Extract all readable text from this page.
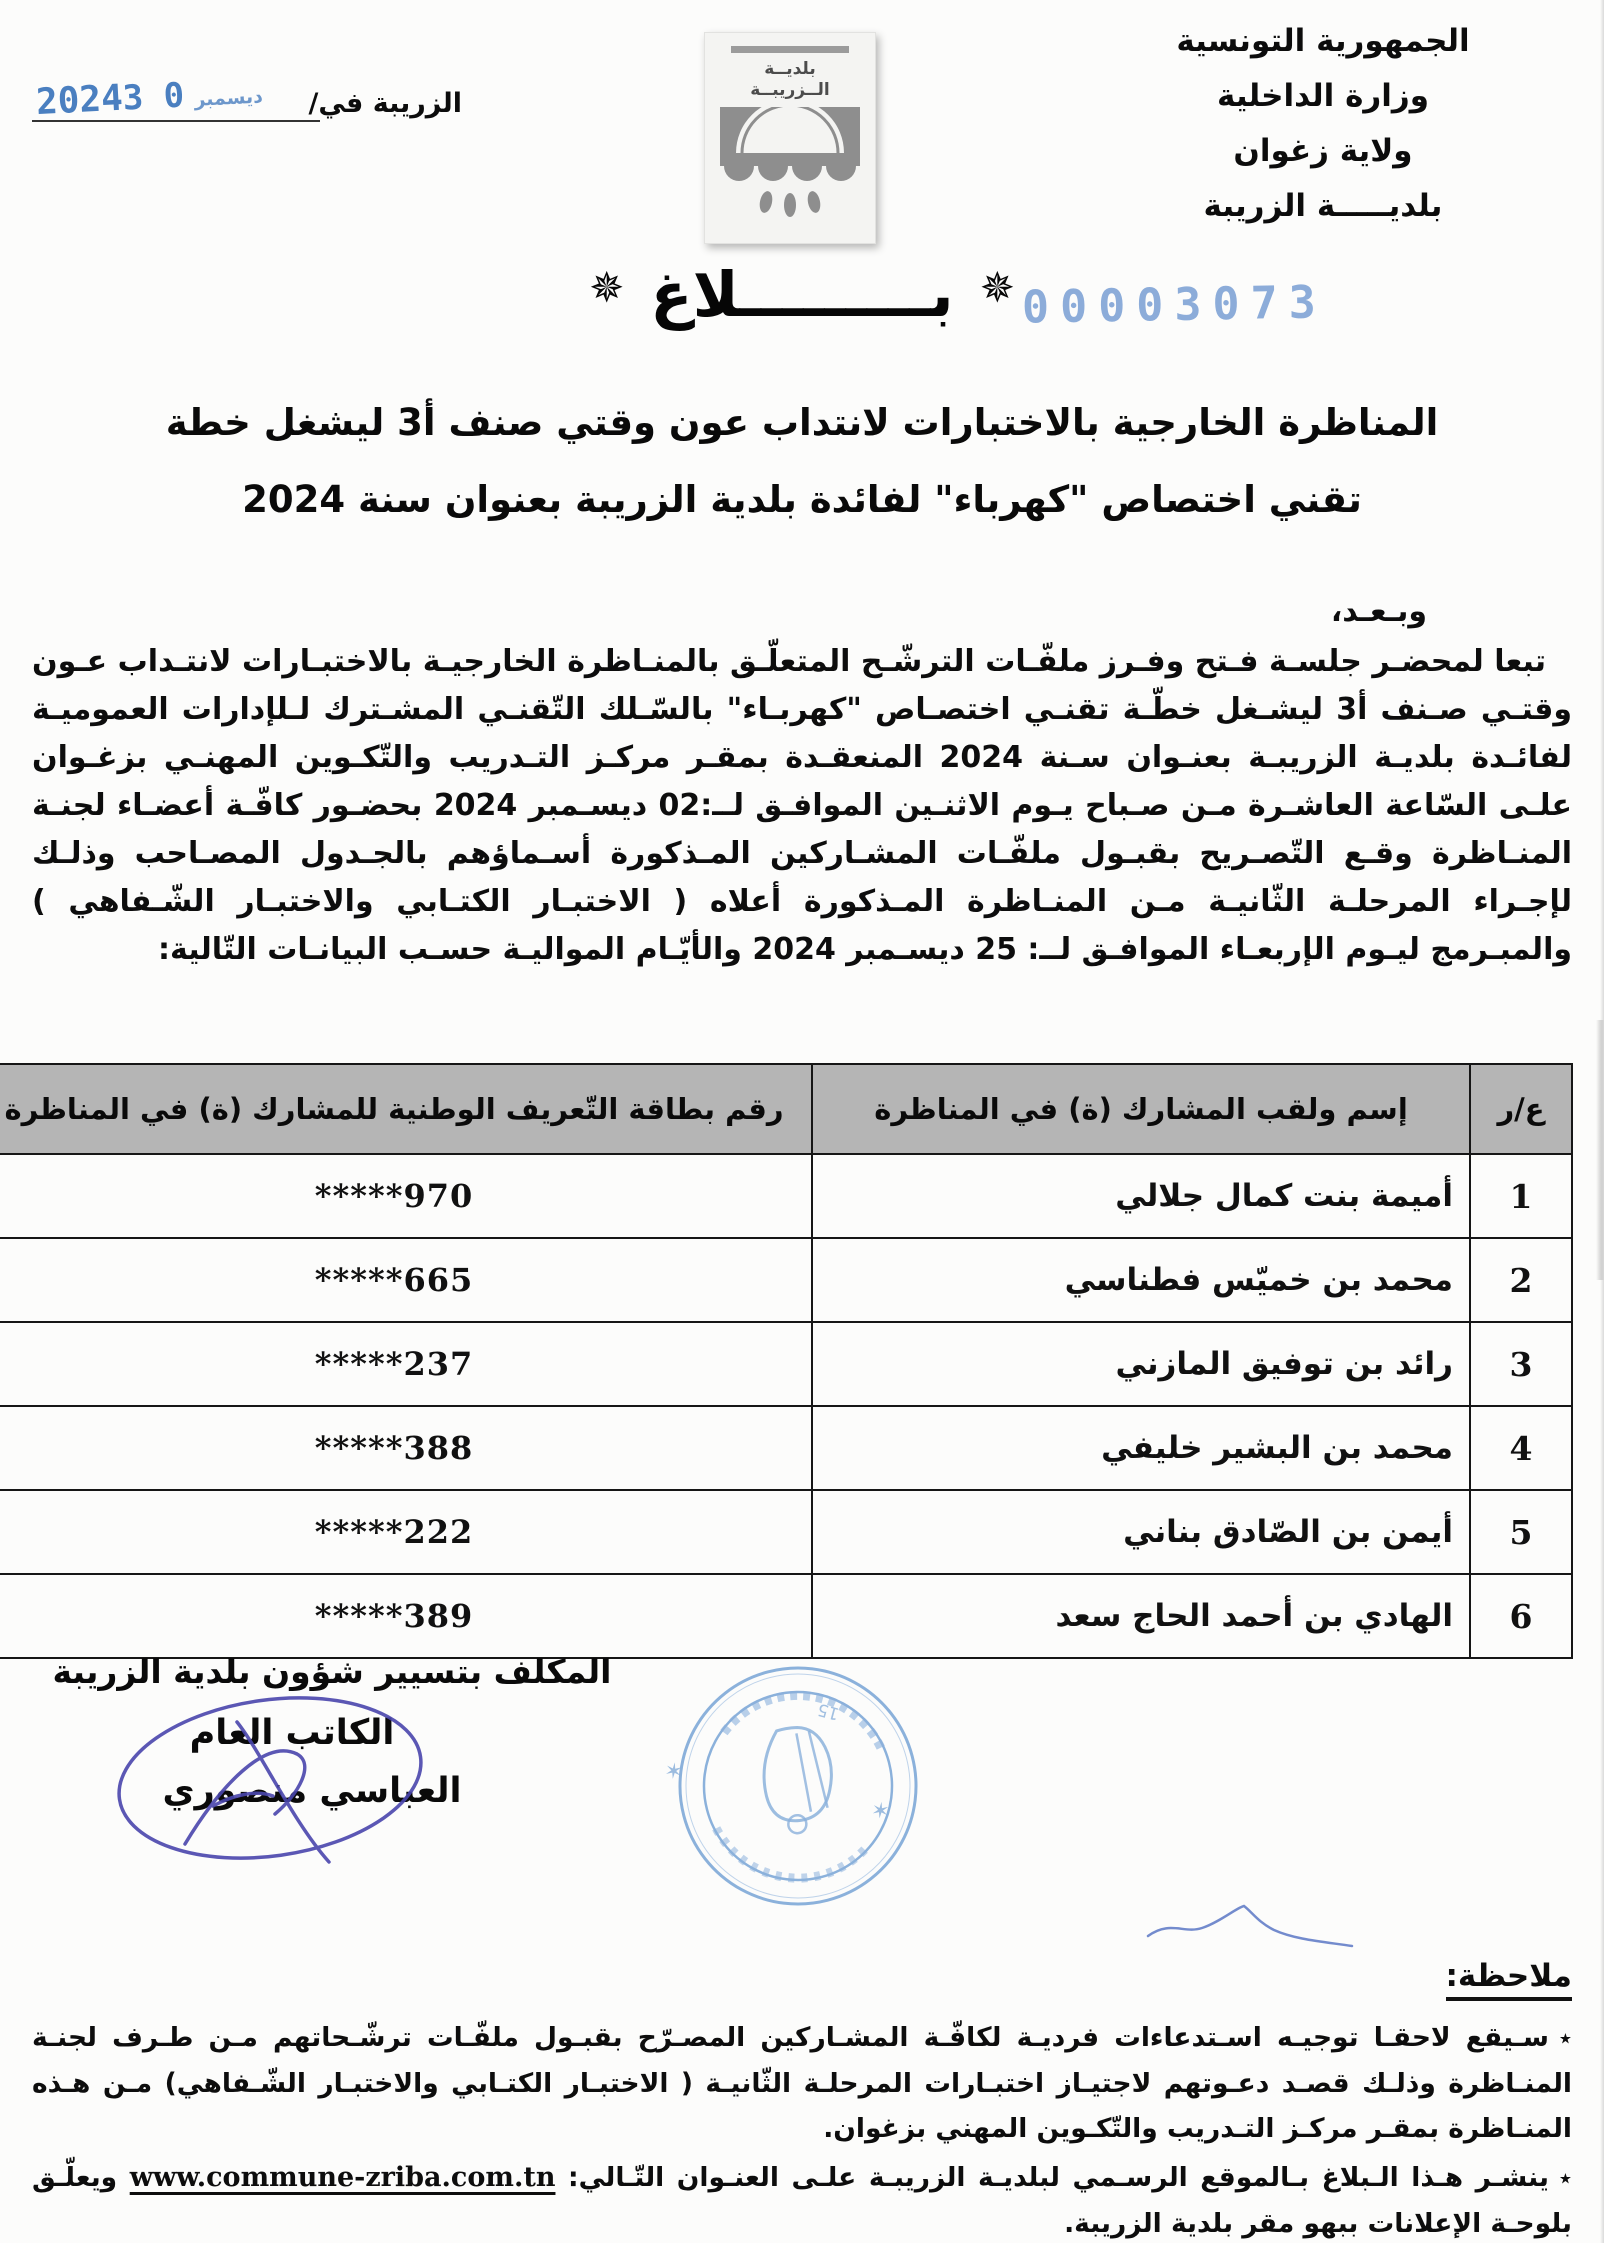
الجمهورية التونسية
وزارة الداخلية
ولاية زغوان
بلديـــــة الزريبة
بلديــة
الــزريبــة
الزريبة في/
2024	ديسمبر0 3
00003073
✵بـــــــــلاغ✵
المناظرة الخارجية بالاختبارات لانتداب عون وقتي صنف أ3 ليشغل خطة
تقني اختصاص "كهرباء" لفائدة بلدية الزريبة بعنوان سنة 2024
وبـعـد،
تبعا لمحضـر جلسـة فـتح وفـرز ملفّـات الترشّـح المتعلّـق بالمنـاظرة الخارجيـة بالاختبـارات لانتـداب عـون وقتـي صـنف أ3 ليشـغل خطّـة تقنـي اختصـاص "كهربـاء" بالسّـلك التّقنـي المشـترك لـلإدارات العموميـة لفائـدة بلديـة الزريبـة بعنـوان سـنة 2024 المنعقـدة بمقـر مركـز التـدريب والتّكـوين المهنـي بزغـوان علـى السّاعة العاشـرة مـن صـباح يـوم الاثنـين الموافـق لــ:02 ديسـمبر 2024 بحضـور كافّـة أعضـاء لجنـة المنـاظرة وقـع التّصـريح بقبـول ملفّـات المشـاركين المـذكورة أسـماؤهم بالجـدول المصـاحب وذلـك لإجـراء المرحلـة الثّانيـة مـن المنـاظرة المـذكورة أعلاه ( الاختبـار الكتـابي والاختبـار الشّـفاهي ) والمبـرمج ليـوم الإربعـاء الموافـق لــ: 25 ديسـمبر 2024 والأيّـام المواليـة حسـب البيانـات التّالية:
ع/ر	إسم ولقب المشارك (ة) في المناظرة	رقم بطاقة التّعريف الوطنية للمشارك (ة) في المناظرة
1	أميمة بنت كمال جلالي	*****970
2	محمد بن خميّس فطناسي	*****665
3	رائد بن توفيق المازني	*****237
4	محمد بن البشير خليفي	*****388
5	أيمن بن الصّادق بناني	*****222
6	الهادي بن أحمد الحاج سعد	*****389
المكلف بتسيير شؤون بلدية الزريبة
الكاتب العام
العباسي منصوري	✶
✶
15
ملاحظة:
٭سـيقع لاحقـا توجيـه اسـتدعاءات فرديـة لكافّـة المشـاركين المصـرّح بقبـول ملفّـات ترشّـحاتهم مـن طـرف لجنـة المنـاظرة وذلـك قصـد دعـوتهم لاجتيـاز اختبـارات المرحلـة الثّانيـة ( الاختبـار الكتـابي والاختبـار الشّـفاهي) مـن هـذه المنـاظرة بمقـر مركـز التـدريب والتّكـوين المهني بزغوان.
٭ينشـر هـذا الـبلاغ بـالموقع الرسـمي لبلديـة الزريبـة علـى العنـوان التّـالي: www.commune-zriba.com.tn ويعلّـق بلوحـة الإعلانات ببهو مقر بلدية الزريبة.
